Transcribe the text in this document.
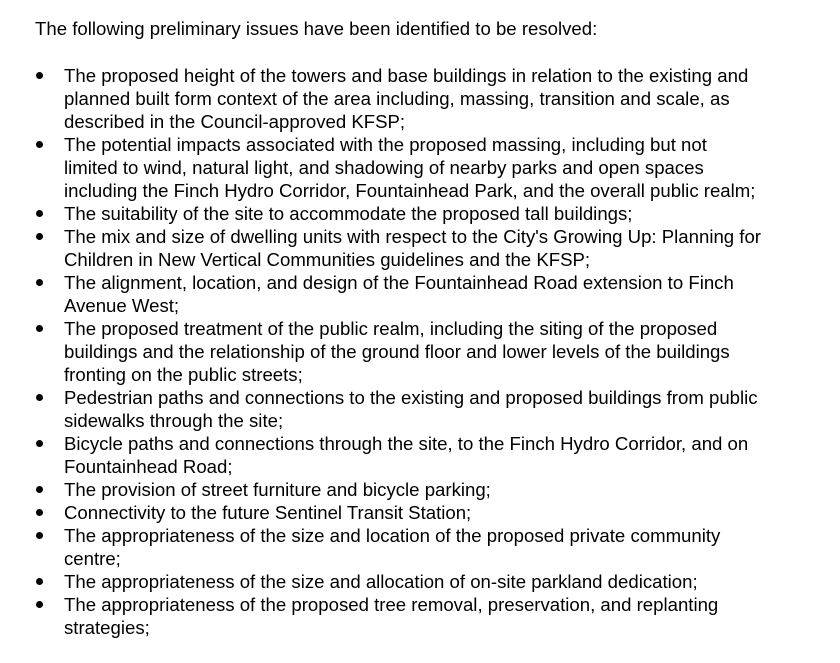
The following preliminary issues have been identified to be resolved:

The proposed height of the towers and base buildings in relation to the existing and
planned built form context of the area including, massing, transition and scale, as
described in the Council-approved KFSP;
The potential impacts associated with the proposed massing, including but not
limited to wind, natural light, and shadowing of nearby parks and open spaces
including the Finch Hydro Corridor, Fountainhead Park, and the overall public realm;
The suitability of the site to accommodate the proposed tall buildings;
The mix and size of dwelling units with respect to the City's Growing Up: Planning for
Children in New Vertical Communities guidelines and the KFSP;
The alignment, location, and design of the Fountainhead Road extension to Finch
Avenue West;
The proposed treatment of the public realm, including the siting of the proposed
buildings and the relationship of the ground floor and lower levels of the buildings
fronting on the public streets;
Pedestrian paths and connections to the existing and proposed buildings from public
sidewalks through the site;
Bicycle paths and connections through the site, to the Finch Hydro Corridor, and on
Fountainhead Road;
The provision of street furniture and bicycle parking;
Connectivity to the future Sentinel Transit Station;
The appropriateness of the size and location of the proposed private community
centre;
The appropriateness of the size and allocation of on-site parkland dedication;
The appropriateness of the proposed tree removal, preservation, and replanting
strategies;
